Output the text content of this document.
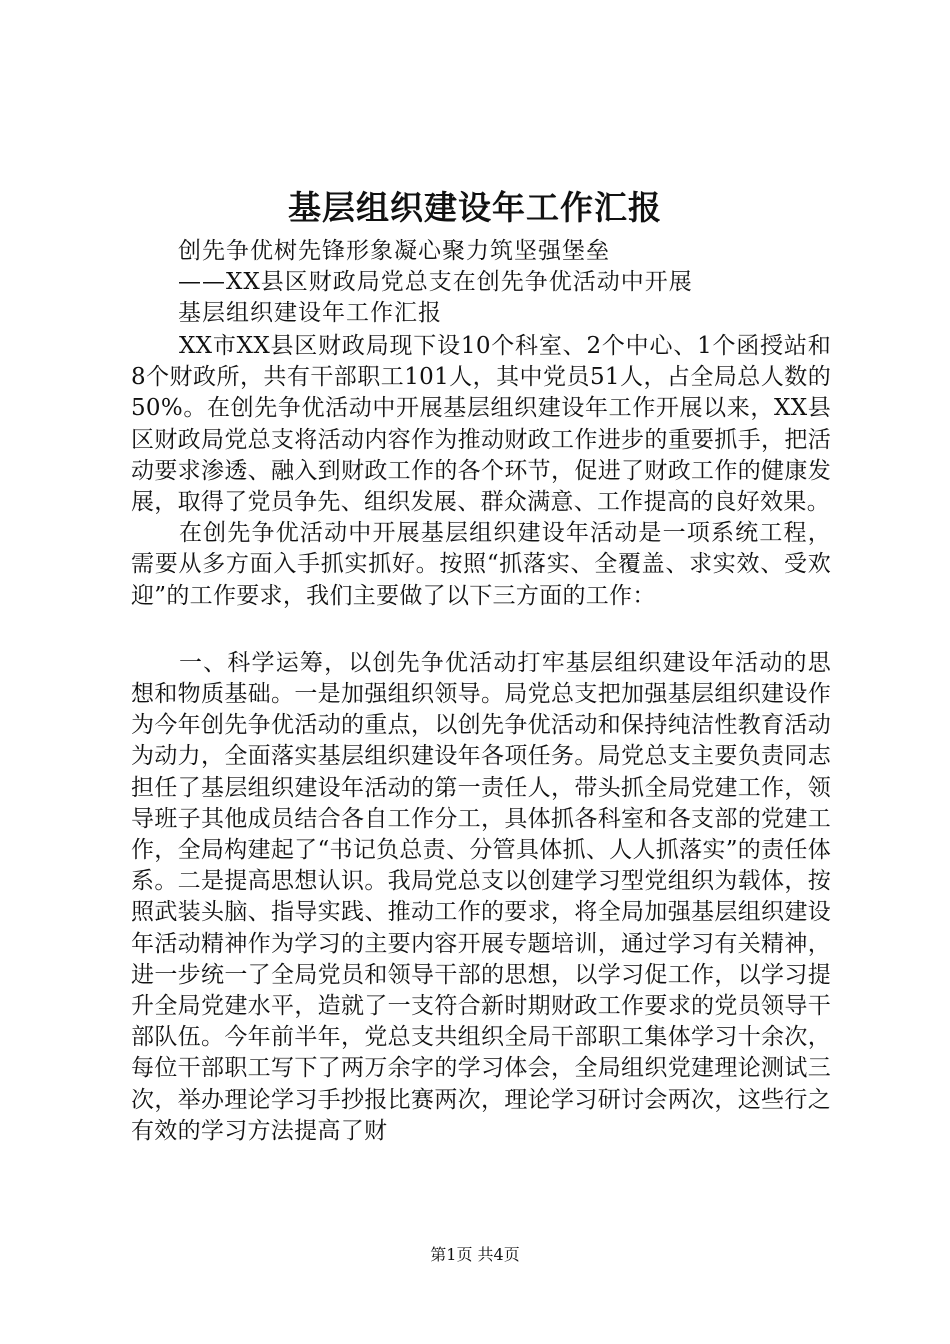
基层组织建设年工作汇报
创先争优树先锋形象凝心聚力筑坚强堡垒
——XX县区财政局党总支在创先争优活动中开展
基层组织建设年工作汇报

XX市XX县区财政局现下设10个科室、2个中心、1个函授站和8个财政所，共有干部职工101人，其中党员51人，占全局总人数的50%。在创先争优活动中开展基层组织建设年工作开展以来，XX县区财政局党总支将活动内容作为推动财政工作进步的重要抓手，把活动要求渗透、融入到财政工作的各个环节，促进了财政工作的健康发展，取得了党员争先、组织发展、群众满意、工作提高的良好效果。

在创先争优活动中开展基层组织建设年活动是一项系统工程，需要从多方面入手抓实抓好。按照“抓落实、全覆盖、求实效、受欢迎”的工作要求，我们主要做了以下三方面的工作：

一、科学运筹，以创先争优活动打牢基层组织建设年活动的思想和物质基础。一是加强组织领导。局党总支把加强基层组织建设作为今年创先争优活动的重点，以创先争优活动和保持纯洁性教育活动为动力，全面落实基层组织建设年各项任务。局党总支主要负责同志担任了基层组织建设年活动的第一责任人，带头抓全局党建工作，领导班子其他成员结合各自工作分工，具体抓各科室和各支部的党建工作，全局构建起了“书记负总责、分管具体抓、人人抓落实”的责任体系。二是提高思想认识。我局党总支以创建学习型党组织为载体，按照武装头脑、指导实践、推动工作的要求，将全局加强基层组织建设年活动精神作为学习的主要内容开展专题培训，通过学习有关精神，进一步统一了全局党员和领导干部的思想，以学习促工作，以学习提升全局党建水平，造就了一支符合新时期财政工作要求的党员领导干部队伍。今年前半年，党总支共组织全局干部职工集体学习十余次，每位干部职工写下了两万余字的学习体会，全局组织党建理论测试三次，举办理论学习手抄报比赛两次，理论学习研讨会两次，这些行之有效的学习方法提高了财

第1页 共4页
